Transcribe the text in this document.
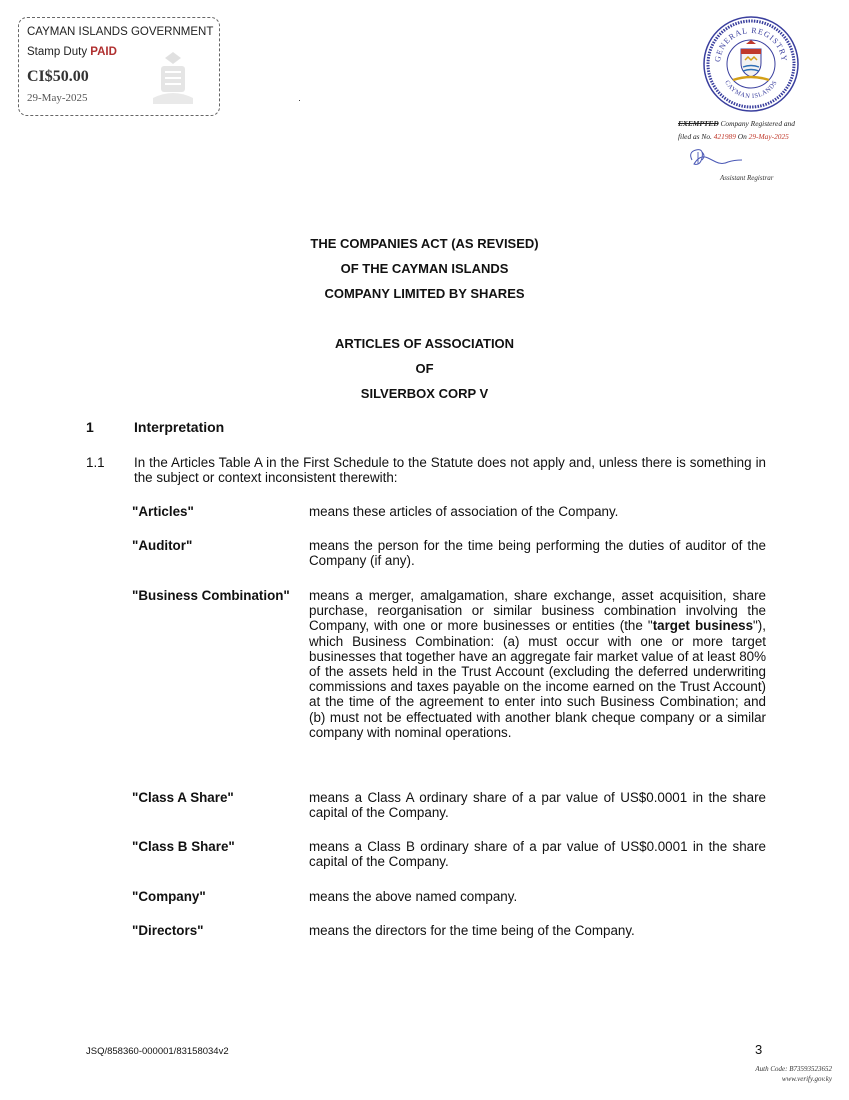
CAYMAN ISLANDS GOVERNMENT
Stamp Duty PAID
CI$50.00
29-May-2025
GENERAL REGISTRY
CAYMAN ISLANDS
EXEMPTED Company Registered and
filed as No. 421989 On 29-May-2025
Assistant Registrar
THE COMPANIES ACT (AS REVISED)
OF THE CAYMAN ISLANDS
COMPANY LIMITED BY SHARES
ARTICLES OF ASSOCIATION
OF
SILVERBOX CORP V
1	Interpretation
1.1 In the Articles Table A in the First Schedule to the Statute does not apply and, unless there is something in the subject or context inconsistent therewith:
"Articles"	means these articles of association of the Company.
"Auditor"	means the person for the time being performing the duties of auditor of the Company (if any).
"Business Combination"	means a merger, amalgamation, share exchange, asset acquisition, share purchase, reorganisation or similar business combination involving the Company, with one or more businesses or entities (the "target business"), which Business Combination: (a) must occur with one or more target businesses that together have an aggregate fair market value of at least 80% of the assets held in the Trust Account (excluding the deferred underwriting commissions and taxes payable on the income earned on the Trust Account) at the time of the agreement to enter into such Business Combination; and (b) must not be effectuated with another blank cheque company or a similar company with nominal operations.
"Class A Share"	means a Class A ordinary share of a par value of US$0.0001 in the share capital of the Company.
"Class B Share"	means a Class B ordinary share of a par value of US$0.0001 in the share capital of the Company.
"Company"	means the above named company.
"Directors"	means the directors for the time being of the Company.
JSQ/858360-000001/83158034v2	3
Auth Code: B73593523652
www.verify.gov.ky
